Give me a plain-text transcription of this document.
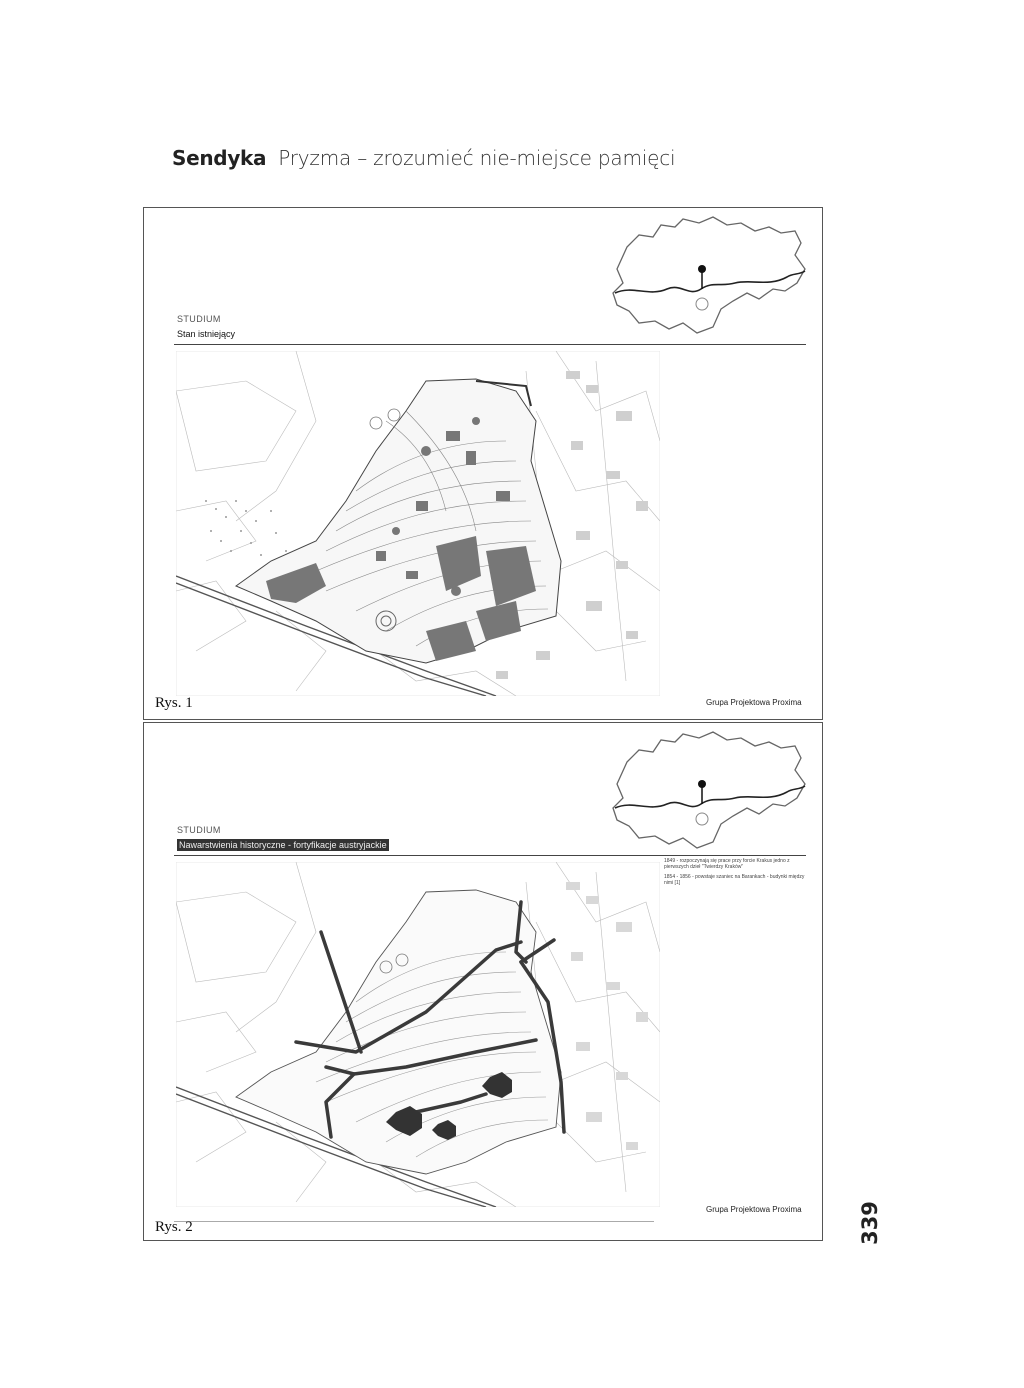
Sendyka Pryzma – zrozumieć nie-miejsce pamięci
STUDIUM
Stan istniejący
Rys. 1	Grupa Projektowa Proxima
STUDIUM
Nawarstwienia historyczne - fortyfikacje austryjackie
1849 - rozpoczynają się prace przy forcie Krakus jedno z pierwszych dzieł "Twierdzy Kraków"
1854 - 1856 - powstaje szaniec na Barankach - budynki między nimi [1]
Rys. 2
Grupa Projektowa Proxima	339
